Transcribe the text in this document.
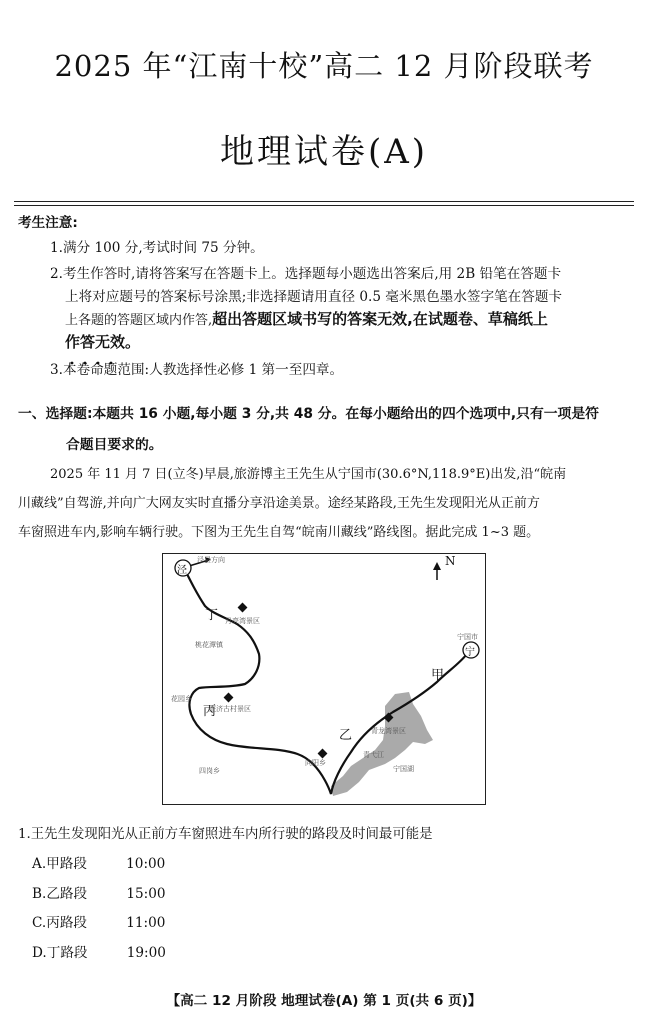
2025 年“江南十校”高二 12 月阶段联考
地理试卷(A)
考生注意:
1.满分 100 分,考试时间 75 分钟。
2.考生作答时,请将答案写在答题卡上。选择题每小题选出答案后,用 2B 铅笔在答题卡
上将对应题号的答案标号涂黑;非选择题请用直径 0.5 毫米黑色墨水签字笔在答题卡
上各题的答题区域内作答,超出答题区域书写的答案无效,在试题卷、草稿纸上
作答无效。
3.本卷命题范围:人教选择性必修 1 第一至四章。
一、选择题:本题共 16 小题,每小题 3 分,共 48 分。在每小题给出的四个选项中,只有一项是符
合题目要求的。
2025 年 11 月 7 日(立冬)早晨,旅游博主王先生从宁国市(30.6°N,118.9°E)出发,沿“皖南
川藏线”自驾游,并向广大网友实时直播分享沿途美景。途经某路段,王先生发现阳光从正前方
车窗照进车内,影响车辆行驶。下图为王先生自驾“皖南川藏线”路线图。据此完成 1~3 题。
泾
宁
N
丁
丙
乙
甲
泾县方向
宁国市
月亮湾景区
桃花潭镇
查济古村景区
花园乡
四岗乡
青龙湾景区
向阳乡
青弋江
宁国湖
1.王先生发现阳光从正前方车窗照进车内所行驶的路段及时间最可能是
A.甲路段	10:00
B.乙路段	15:00
C.丙路段	11:00
D.丁路段	19:00
【高二 12 月阶段 地理试卷(A) 第 1 页(共 6 页)】
